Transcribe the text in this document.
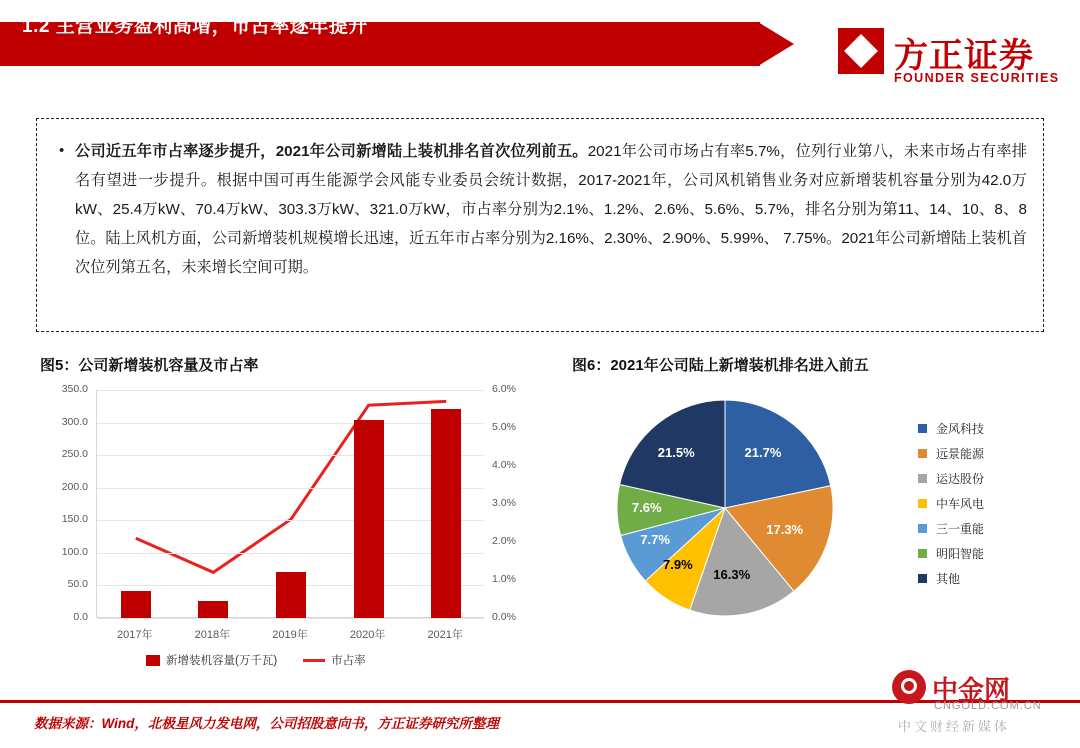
1.2 主营业务盈利高增，市占率逐年提升
方正证券
FOUNDER SECURITIES
• 公司近五年市占率逐步提升，2021年公司新增陆上装机排名首次位列前五。2021年公司市场占有率5.7%，位列行业第八，未来市场占有率排名有望进一步提升。根据中国可再生能源学会风能专业委员会统计数据，2017-2021年，公司风机销售业务对应新增装机容量分别为42.0万kW、25.4万kW、70.4万kW、303.3万kW、321.0万kW，市占率分别为2.1%、1.2%、2.6%、5.6%、5.7%，排名分别为第11、14、10、8、8位。陆上风机方面，公司新增装机规模增长迅速，近五年市占率分别为2.16%、2.30%、2.90%、5.99%、 7.75%。2021年公司新增陆上装机首次位列第五名，未来增长空间可期。
图5：公司新增装机容量及市占率	图6：2021年公司陆上新增装机排名进入前五
0.0
50.0
100.0
150.0
200.0
250.0
300.0
350.0
0.0%
1.0%
2.0%
3.0%
4.0%
5.0%
6.0%
2017年	2018年	2019年	2020年	2021年
新增装机容量(万千瓦)	市占率
21.7%
17.3%
16.3%
7.9%
7.7%
7.6%
21.5%
金风科技
远景能源
运达股份
中车风电
三一重能
明阳智能
其他
数据来源：Wind，北极星风力发电网，公司招股意向书，方正证券研究所整理
中金网
CNGOLD.COM.CN
中文财经新媒体
